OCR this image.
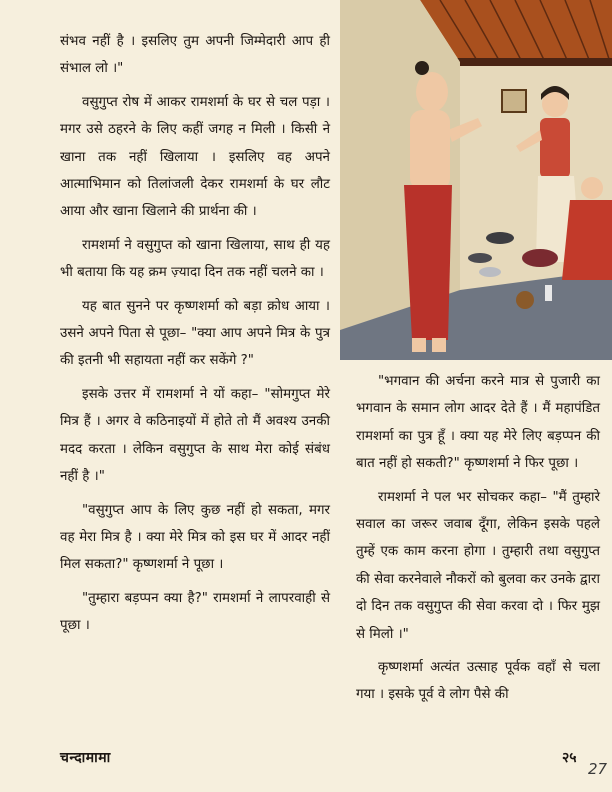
संभव नहीं है । इसलिए तुम अपनी जिम्मेदारी आप ही संभाल लो ।"

वसुगुप्त रोष में आकर रामशर्मा के घर से चल पड़ा । मगर उसे ठहरने के लिए कहीं जगह न मिली । किसी ने खाना तक नहीं खिलाया । इसलिए वह अपने आत्माभिमान को तिलांजली देकर रामशर्मा के घर लौट आया और खाना खिलाने की प्रार्थना की ।

रामशर्मा ने वसुगुप्त को खाना खिलाया, साथ ही यह भी बताया कि यह क्रम ज़्यादा दिन तक नहीं चलने का ।

यह बात सुनने पर कृष्णशर्मा को बड़ा क्रोध आया । उसने अपने पिता से पूछा– "क्या आप अपने मित्र के पुत्र की इतनी भी सहायता नहीं कर सकेंगे ?"

इसके उत्तर में रामशर्मा ने यों कहा– "सोमगुप्त मेरे मित्र हैं । अगर वे कठिनाइयों में होते तो मैं अवश्य उनकी मदद करता । लेकिन वसुगुप्त के साथ मेरा कोई संबंध नहीं है ।"

"वसुगुप्त आप के लिए कुछ नहीं हो सकता, मगर वह मेरा मित्र है । क्या मेरे मित्र को इस घर में आदर नहीं मिल सकता?" कृष्णशर्मा ने पूछा ।

"तुम्हारा बड़प्पन क्या है?" रामशर्मा ने लापरवाही से पूछा ।

"भगवान की अर्चना करने मात्र से पुजारी का भगवान के समान लोग आदर देते हैं । मैं महापंडित रामशर्मा का पुत्र हूँ । क्या यह मेरे लिए बड़प्पन की बात नहीं हो सकती?" कृष्णशर्मा ने फिर पूछा ।

रामशर्मा ने पल भर सोचकर कहा– "मैं तुम्हारे सवाल का जरूर जवाब दूँगा, लेकिन इसके पहले तुम्हें एक काम करना होगा । तुम्हारी तथा वसुगुप्त की सेवा करनेवाले नौकरों को बुलवा कर उनके द्वारा दो दिन तक वसुगुप्त की सेवा करवा दो । फिर मुझ से मिलो ।"

कृष्णशर्मा अत्यंत उत्साह पूर्वक वहाँ से चला गया । इसके पूर्व वे लोग पैसे की

चन्दामामा	२५
27
